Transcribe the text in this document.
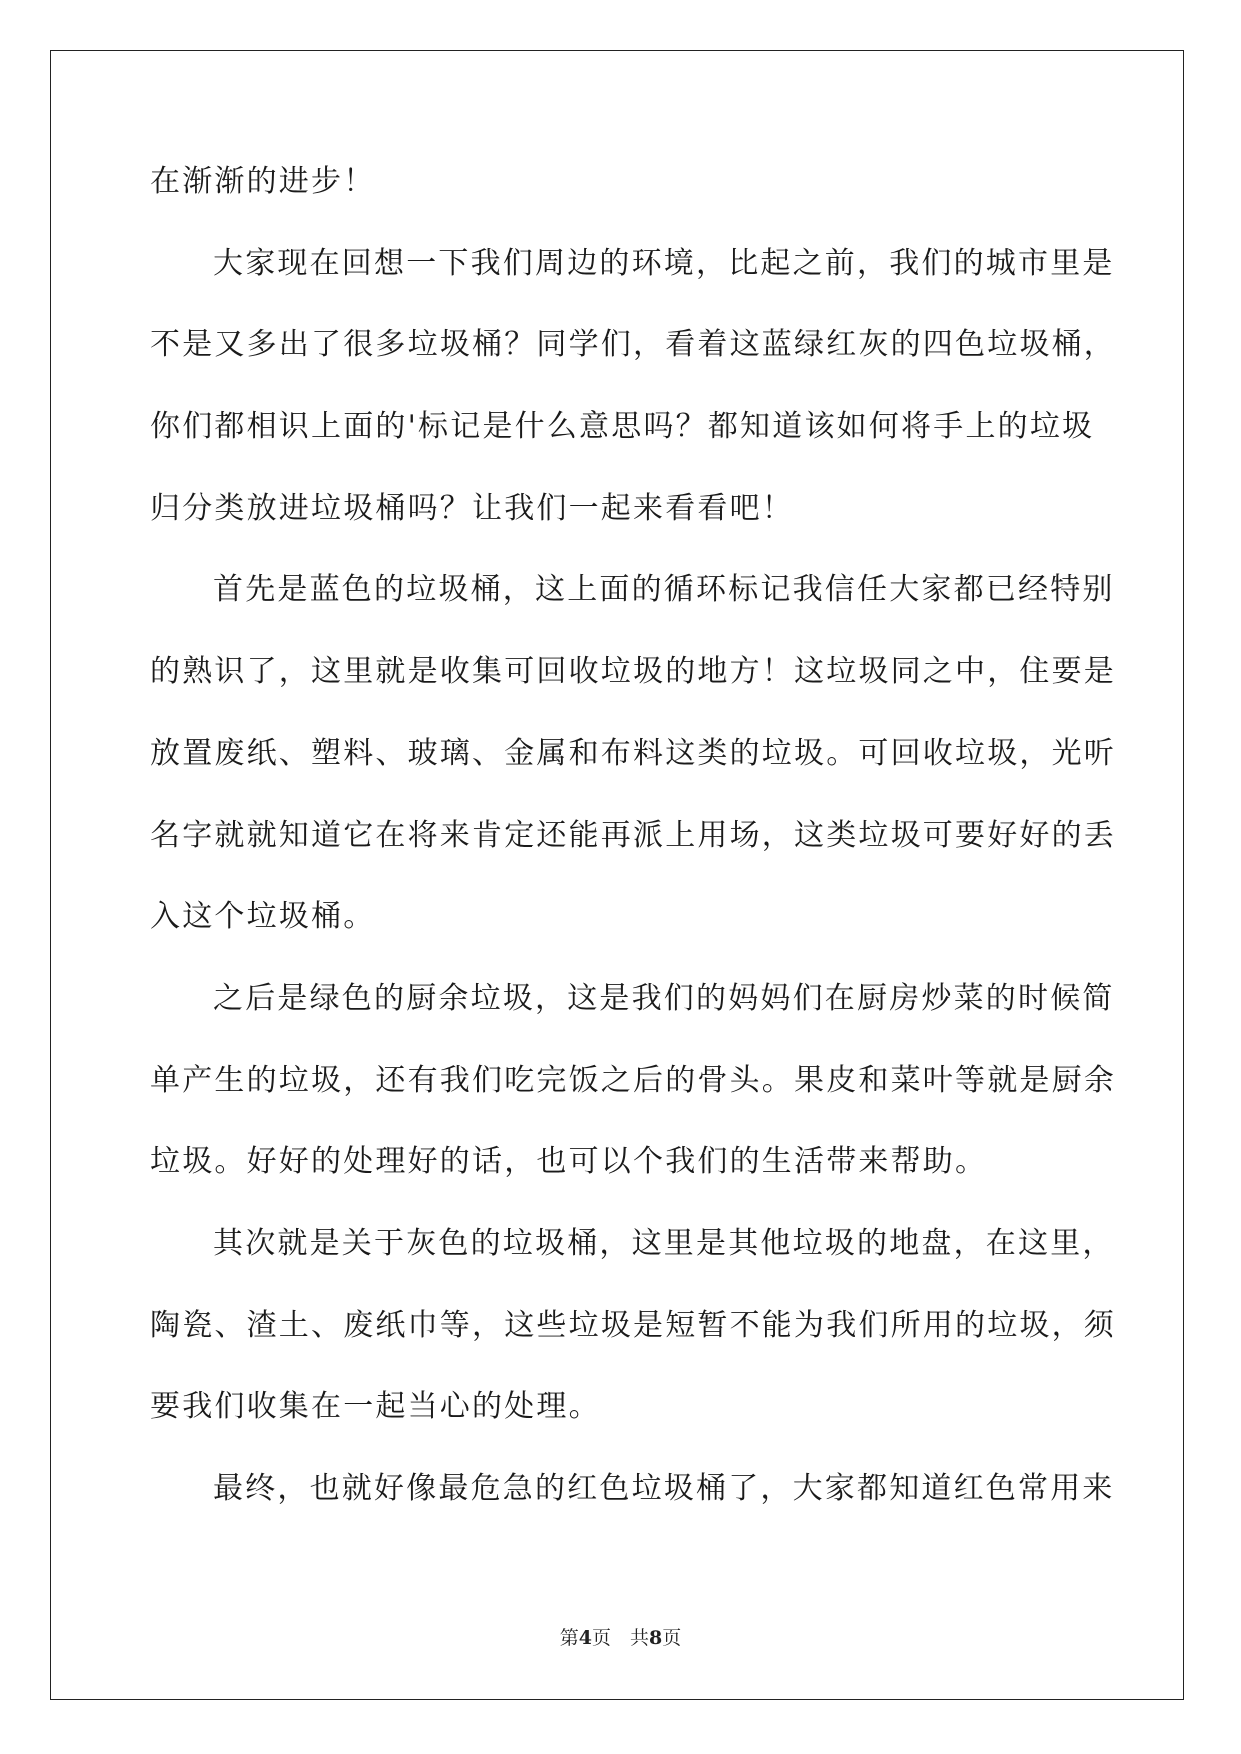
在渐渐的进步！
大家现在回想一下我们周边的环境，比起之前，我们的城市里是
不是又多出了很多垃圾桶？同学们，看着这蓝绿红灰的四色垃圾桶，
你们都相识上面的'标记是什么意思吗？都知道该如何将手上的垃圾
归分类放进垃圾桶吗？让我们一起来看看吧！
首先是蓝色的垃圾桶，这上面的循环标记我信任大家都已经特别
的熟识了，这里就是收集可回收垃圾的地方！这垃圾同之中，住要是
放置废纸、塑料、玻璃、金属和布料这类的垃圾。可回收垃圾，光听
名字就就知道它在将来肯定还能再派上用场，这类垃圾可要好好的丢
入这个垃圾桶。
之后是绿色的厨余垃圾，这是我们的妈妈们在厨房炒菜的时候简
单产生的垃圾，还有我们吃完饭之后的骨头。果皮和菜叶等就是厨余
垃圾。好好的处理好的话，也可以个我们的生活带来帮助。
其次就是关于灰色的垃圾桶，这里是其他垃圾的地盘，在这里，
陶瓷、渣土、废纸巾等，这些垃圾是短暂不能为我们所用的垃圾，须
要我们收集在一起当心的处理。
最终，也就好像最危急的红色垃圾桶了，大家都知道红色常用来
第4页　共8页
